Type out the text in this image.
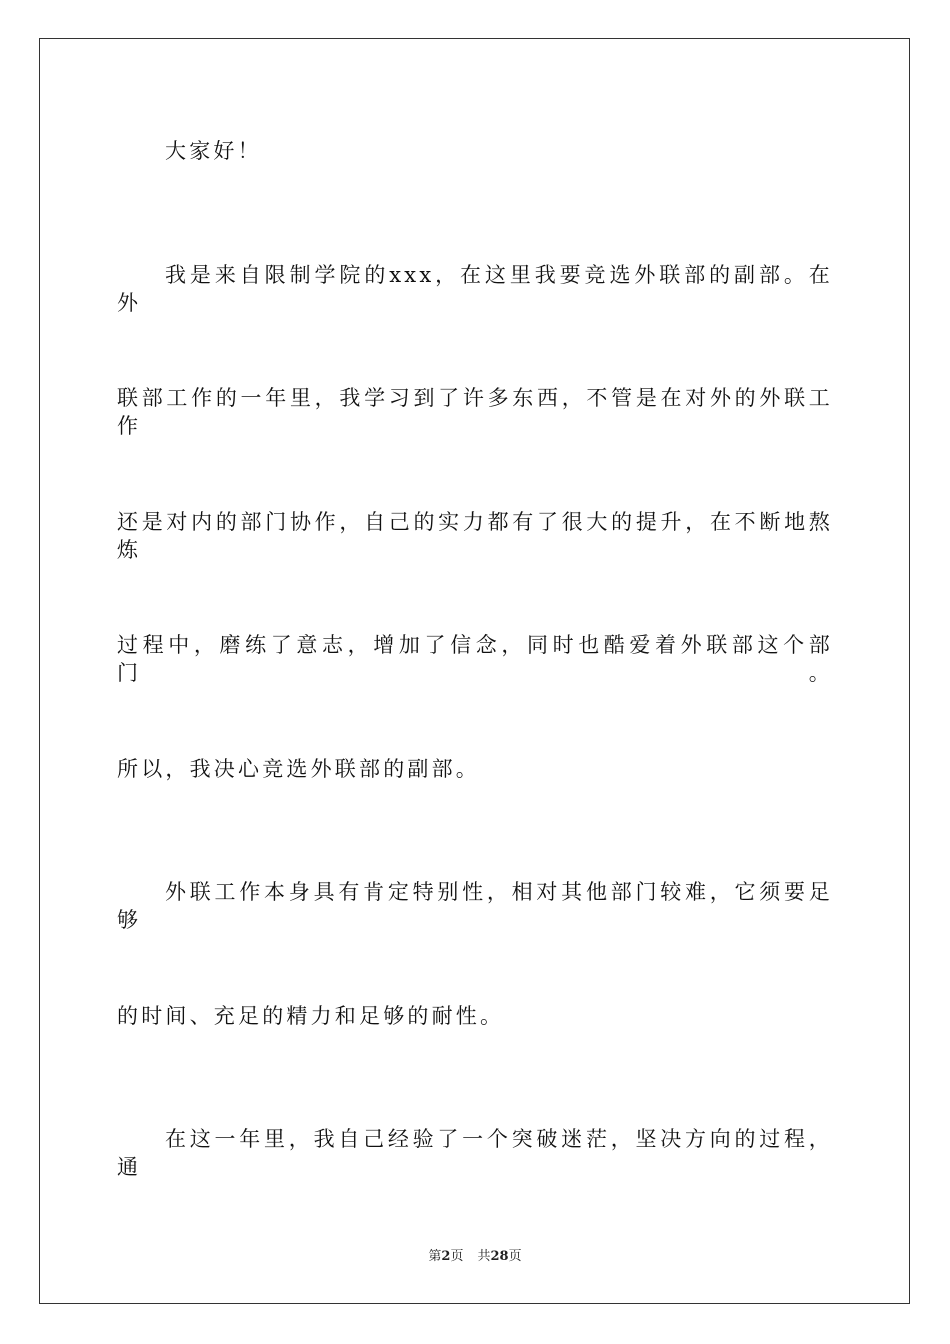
大家好！
我是来自限制学院的xxx，在这里我要竞选外联部的副部。在外
联部工作的一年里，我学习到了许多东西，不管是在对外的外联工作
还是对内的部门协作，自己的实力都有了很大的提升，在不断地熬炼
过程中，磨练了意志，增加了信念，同时也酷爱着外联部这个部门。
所以，我决心竞选外联部的副部。
外联工作本身具有肯定特别性，相对其他部门较难，它须要足够
的时间、充足的精力和足够的耐性。
在这一年里，我自己经验了一个突破迷茫，坚决方向的过程，通
第2页 共28页
